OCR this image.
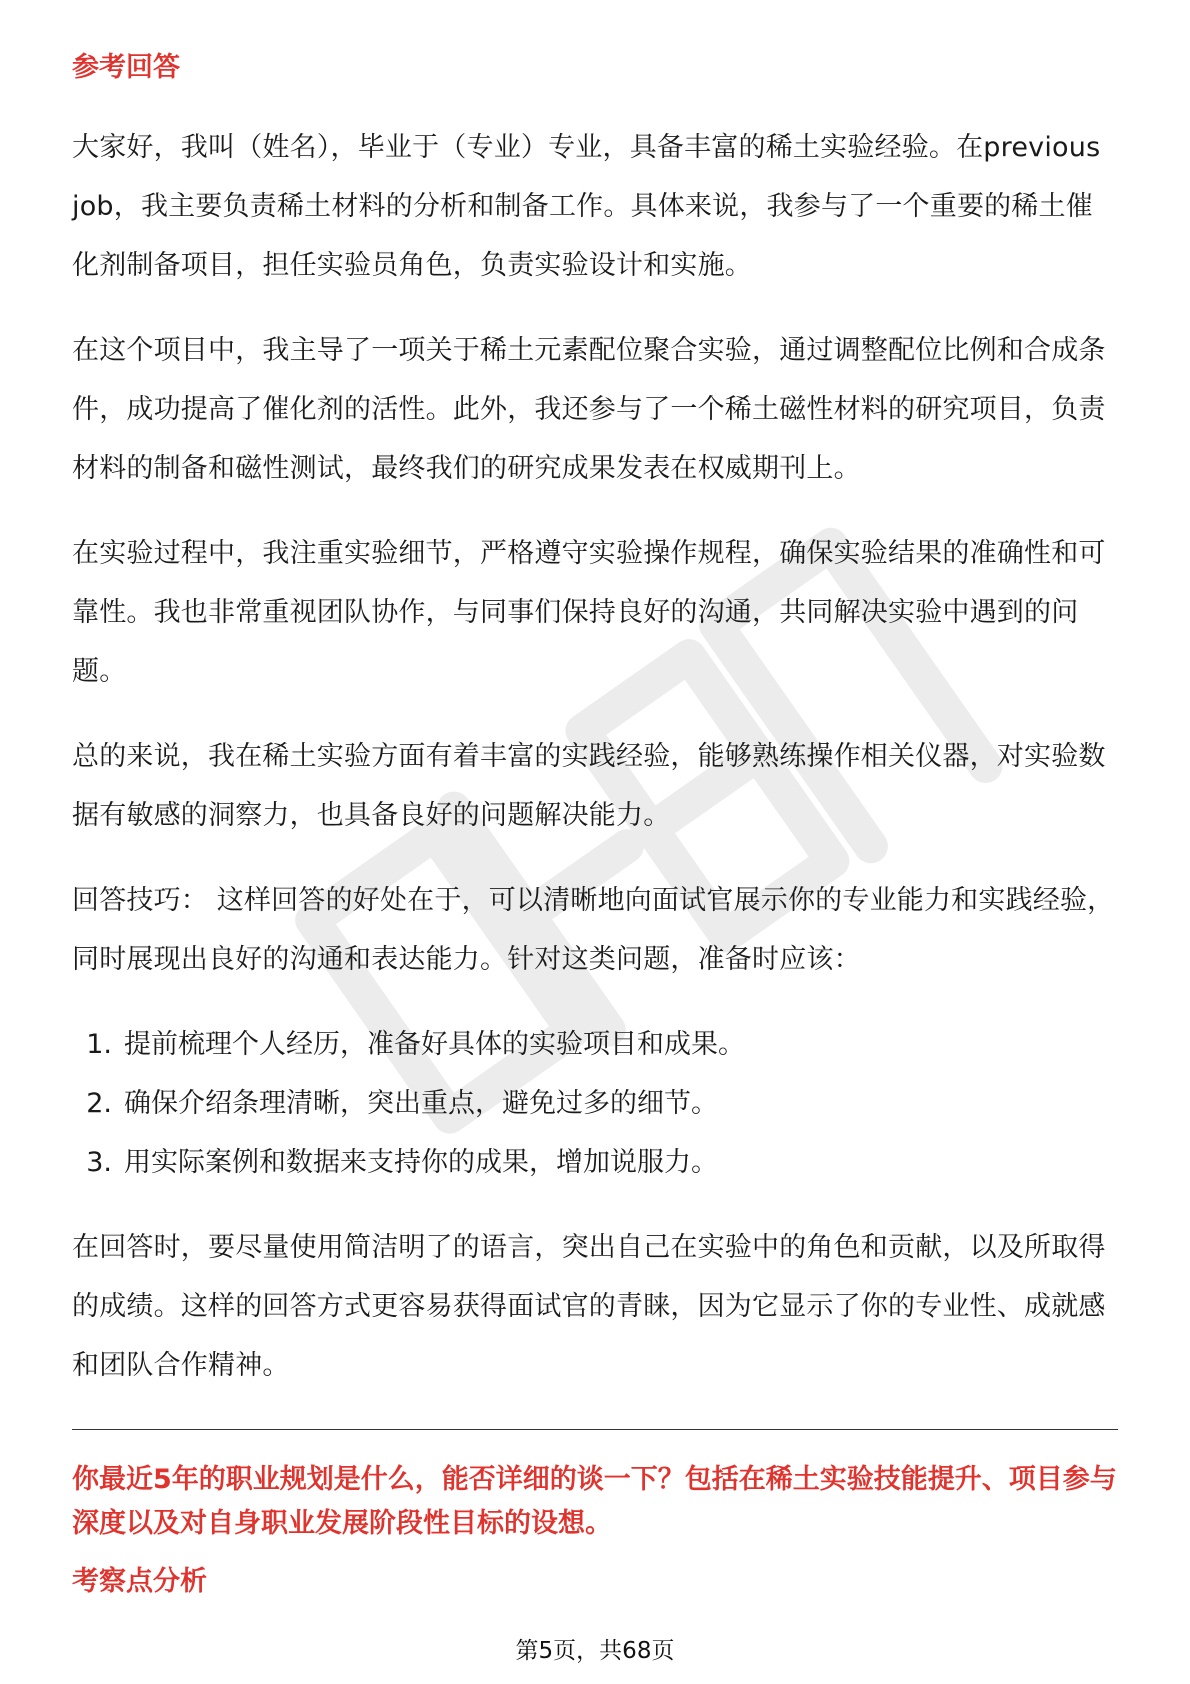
参考回答

大家好，我叫（姓名），毕业于（专业）专业，具备丰富的稀土实验经验。在previous job，我主要负责稀土材料的分析和制备工作。具体来说，我参与了一个重要的稀土催化剂制备项目，担任实验员角色，负责实验设计和实施。

在这个项目中，我主导了一项关于稀土元素配位聚合实验，通过调整配位比例和合成条件，成功提高了催化剂的活性。此外，我还参与了一个稀土磁性材料的研究项目，负责材料的制备和磁性测试，最终我们的研究成果发表在权威期刊上。

在实验过程中，我注重实验细节，严格遵守实验操作规程，确保实验结果的准确性和可靠性。我也非常重视团队协作，与同事们保持良好的沟通，共同解决实验中遇到的问题。

总的来说，我在稀土实验方面有着丰富的实践经验，能够熟练操作相关仪器，对实验数据有敏感的洞察力，也具备良好的问题解决能力。

回答技巧： 这样回答的好处在于，可以清晰地向面试官展示你的专业能力和实践经验，同时展现出良好的沟通和表达能力。针对这类问题，准备时应该：

1. 提前梳理个人经历，准备好具体的实验项目和成果。
2. 确保介绍条理清晰，突出重点，避免过多的细节。
3. 用实际案例和数据来支持你的成果，增加说服力。

在回答时，要尽量使用简洁明了的语言，突出自己在实验中的角色和贡献，以及所取得的成绩。这样的回答方式更容易获得面试官的青睐，因为它显示了你的专业性、成就感和团队合作精神。

你最近5年的职业规划是什么，能否详细的谈一下？包括在稀土实验技能提升、项目参与深度以及对自身职业发展阶段性目标的设想。

考察点分析
第5页，共68页
